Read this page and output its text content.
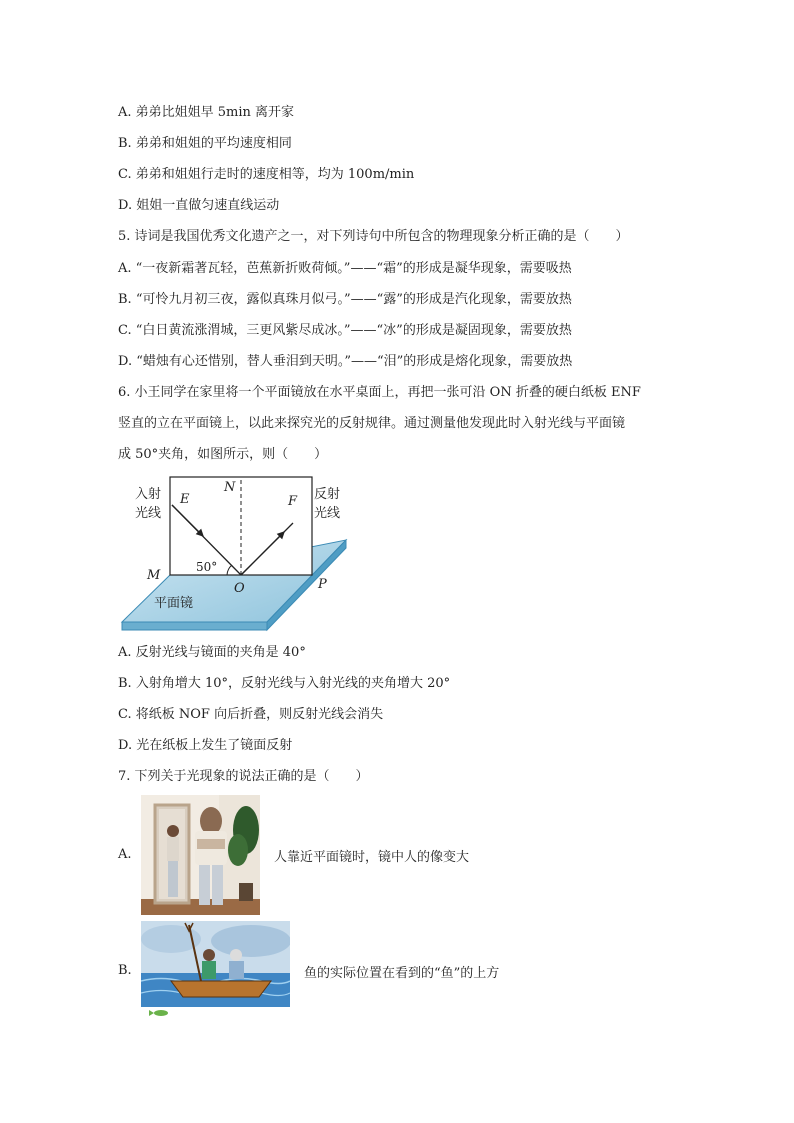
A. 弟弟比姐姐早 5min 离开家
B. 弟弟和姐姐的平均速度相同
C. 弟弟和姐姐行走时的速度相等，均为 100m/min
D. 姐姐一直做匀速直线运动
5. 诗词是我国优秀文化遗产之一，对下列诗句中所包含的物理现象分析正确的是（　　）
A. “一夜新霜著瓦轻，芭蕉新折败荷倾。”——“霜”的形成是凝华现象，需要吸热
B. “可怜九月初三夜，露似真珠月似弓。”——“露”的形成是汽化现象，需要放热
C. “白日黄流涨渭城，三更风紫尽成冰。”——“冰”的形成是凝固现象，需要放热
D. “蜡烛有心还惜别，替人垂泪到天明。”——“泪”的形成是熔化现象，需要放热
6. 小王同学在家里将一个平面镜放在水平桌面上，再把一张可沿 ON 折叠的硬白纸板 ENF
竖直的立在平面镜上，以此来探究光的反射规律。通过测量他发现此时入射光线与平面镜
成 50°夹角，如图所示，则（　　）
入射
光线
反射
光线
E
N
F
M
O	P
50°
平面镜
A. 反射光线与镜面的夹角是 40°
B. 入射角增大 10°，反射光线与入射光线的夹角增大 20°
C. 将纸板 NOF 向后折叠，则反射光线会消失
D. 光在纸板上发生了镜面反射
7. 下列关于光现象的说法正确的是（　　）
A.	人靠近平面镜时，镜中人的像变大
B.	鱼的实际位置在看到的“鱼”的上方
